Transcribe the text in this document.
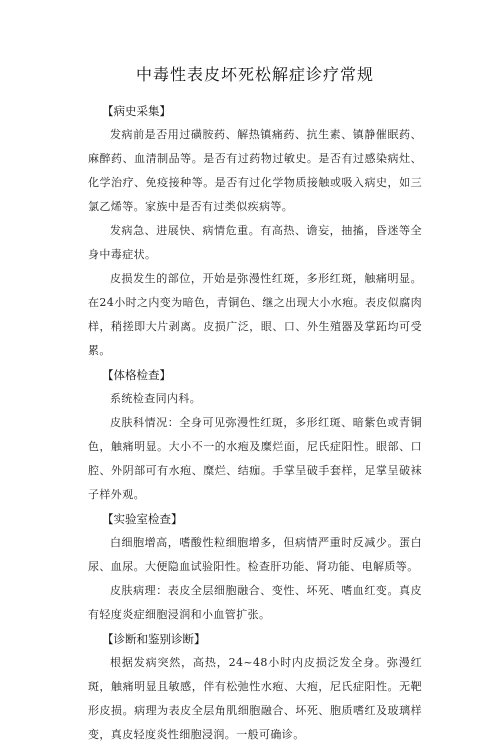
中毒性表皮坏死松解症诊疗常规

【病史采集】

发病前是否用过磺胺药、解热镇痛药、抗生素、镇静催眠药、麻醉药、血清制品等。是否有过药物过敏史。是否有过感染病灶、化学治疗、免疫接种等。是否有过化学物质接触或吸入病史，如三氯乙烯等。家族中是否有过类似疾病等。

发病急、进展快、病情危重。有高热、谵妄，抽搐，昏迷等全身中毒症状。

皮损发生的部位，开始是弥漫性红斑，多形红斑，触痛明显。在24小时之内变为暗色，青铜色、继之出现大小水疱。表皮似腐肉样，稍搓即大片剥离。皮损广泛，眼、口、外生殖器及掌跖均可受累。

【体格检查】

系统检查同内科。

皮肤科情况：全身可见弥漫性红斑，多形红斑、暗紫色或青铜色，触痛明显。大小不一的水疱及糜烂面，尼氏症阳性。眼部、口腔、外阴部可有水疱、糜烂、结痂。手掌呈破手套样，足掌呈破袜子样外观。

【实验室检查】

白细胞增高，嗜酸性粒细胞增多，但病情严重时反减少。蛋白尿、血尿。大便隐血试验阳性。检查肝功能、肾功能、电解质等。

皮肤病理：表皮全层细胞融合、变性、坏死、嗜血红变。真皮有轻度炎症细胞浸润和小血管扩张。

【诊断和鉴别诊断】

根据发病突然，高热，24~48小时内皮损泛发全身。弥漫红斑，触痛明显且敏感，伴有松弛性水疱、大疱，尼氏症阳性。无靶形皮损。病理为表皮全层角肌细胞融合、坏死、胞质嗜红及玻璃样变，真皮轻度炎性细胞浸润。一般可确诊。
